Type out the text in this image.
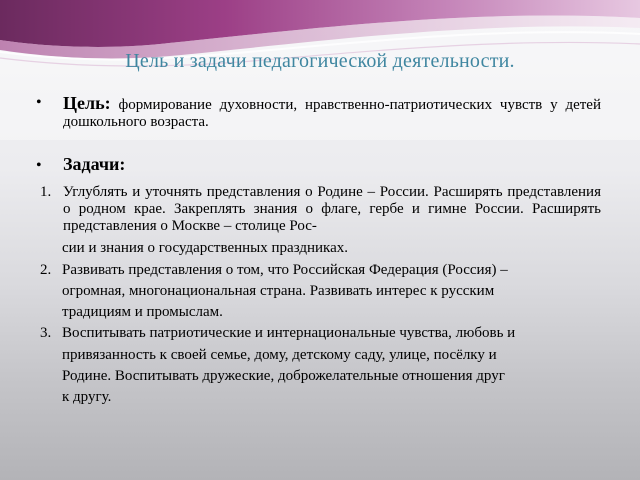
Цель и задачи педагогической деятельности.
• Цель: формирование духовности, нравственно-патриотических чувств у детей дошкольного возраста.
• Задачи:
1. Углублять и уточнять представления о Родине – России. Расширять представления о родном крае. Закреплять знания о флаге, гербе и гимне России. Расширять представления о Москве – столице Рос-
сии и знания о государственных праздниках.
2. Развивать представления о том, что Российская Федерация (Россия) –
огромная, многонациональная страна. Развивать интерес к русским
традициям и промыслам.
3. Воспитывать патриотические и интернациональные чувства, любовь и
привязанность к своей семье, дому, детскому саду, улице, посёлку и
Родине. Воспитывать дружеские, доброжелательные отношения друг
к другу.
